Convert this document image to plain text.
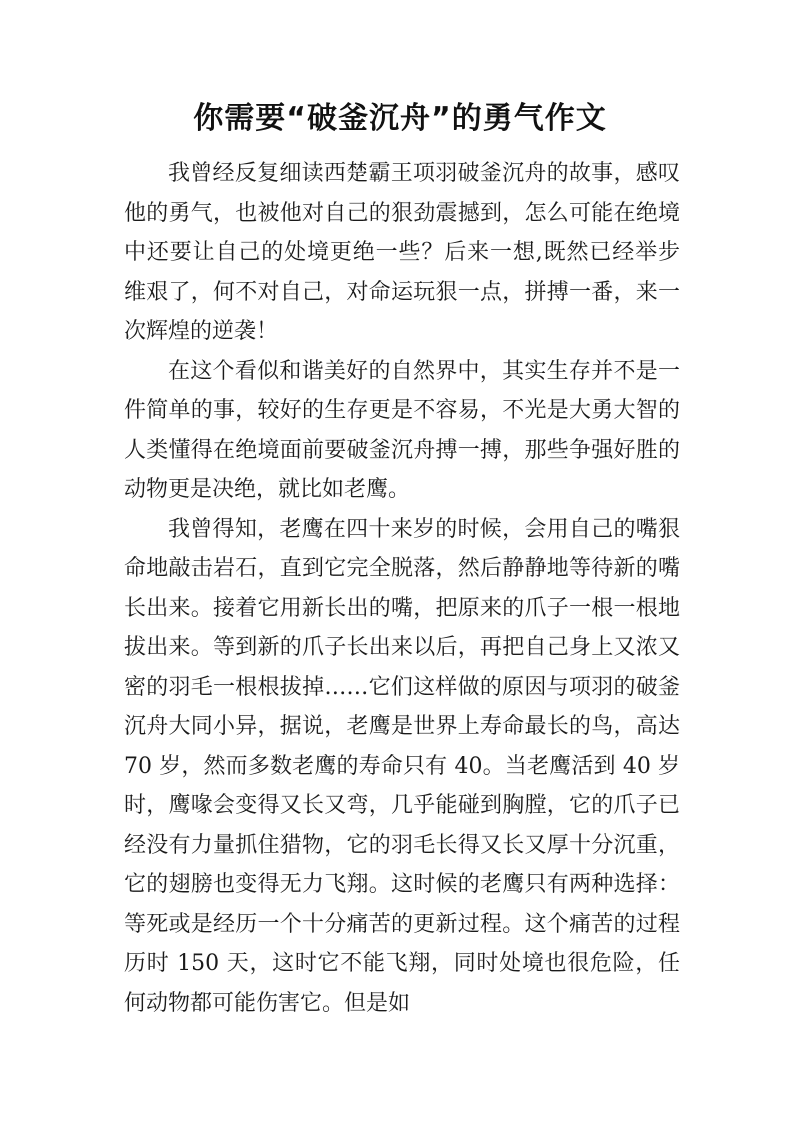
你需要“破釜沉舟”的勇气作文

我曾经反复细读西楚霸王项羽破釜沉舟的故事，感叹他的勇气，也被他对自己的狠劲震撼到，怎么可能在绝境中还要让自己的处境更绝一些？后来一想,既然已经举步维艰了，何不对自己，对命运玩狠一点，拼搏一番，来一次辉煌的逆袭！

在这个看似和谐美好的自然界中，其实生存并不是一件简单的事，较好的生存更是不容易，不光是大勇大智的人类懂得在绝境面前要破釜沉舟搏一搏，那些争强好胜的动物更是决绝，就比如老鹰。

我曾得知，老鹰在四十来岁的时候，会用自己的嘴狠命地敲击岩石，直到它完全脱落，然后静静地等待新的嘴长出来。接着它用新长出的嘴，把原来的爪子一根一根地拔出来。等到新的爪子长出来以后，再把自己身上又浓又密的羽毛一根根拔掉……它们这样做的原因与项羽的破釜沉舟大同小异，据说，老鹰是世界上寿命最长的鸟，高达 70 岁，然而多数老鹰的寿命只有 40。当老鹰活到 40 岁时，鹰喙会变得又长又弯，几乎能碰到胸膛，它的爪子已经没有力量抓住猎物，它的羽毛长得又长又厚十分沉重，它的翅膀也变得无力飞翔。这时候的老鹰只有两种选择：等死或是经历一个十分痛苦的更新过程。这个痛苦的过程历时 150 天，这时它不能飞翔，同时处境也很危险，任何动物都可能伤害它。但是如
